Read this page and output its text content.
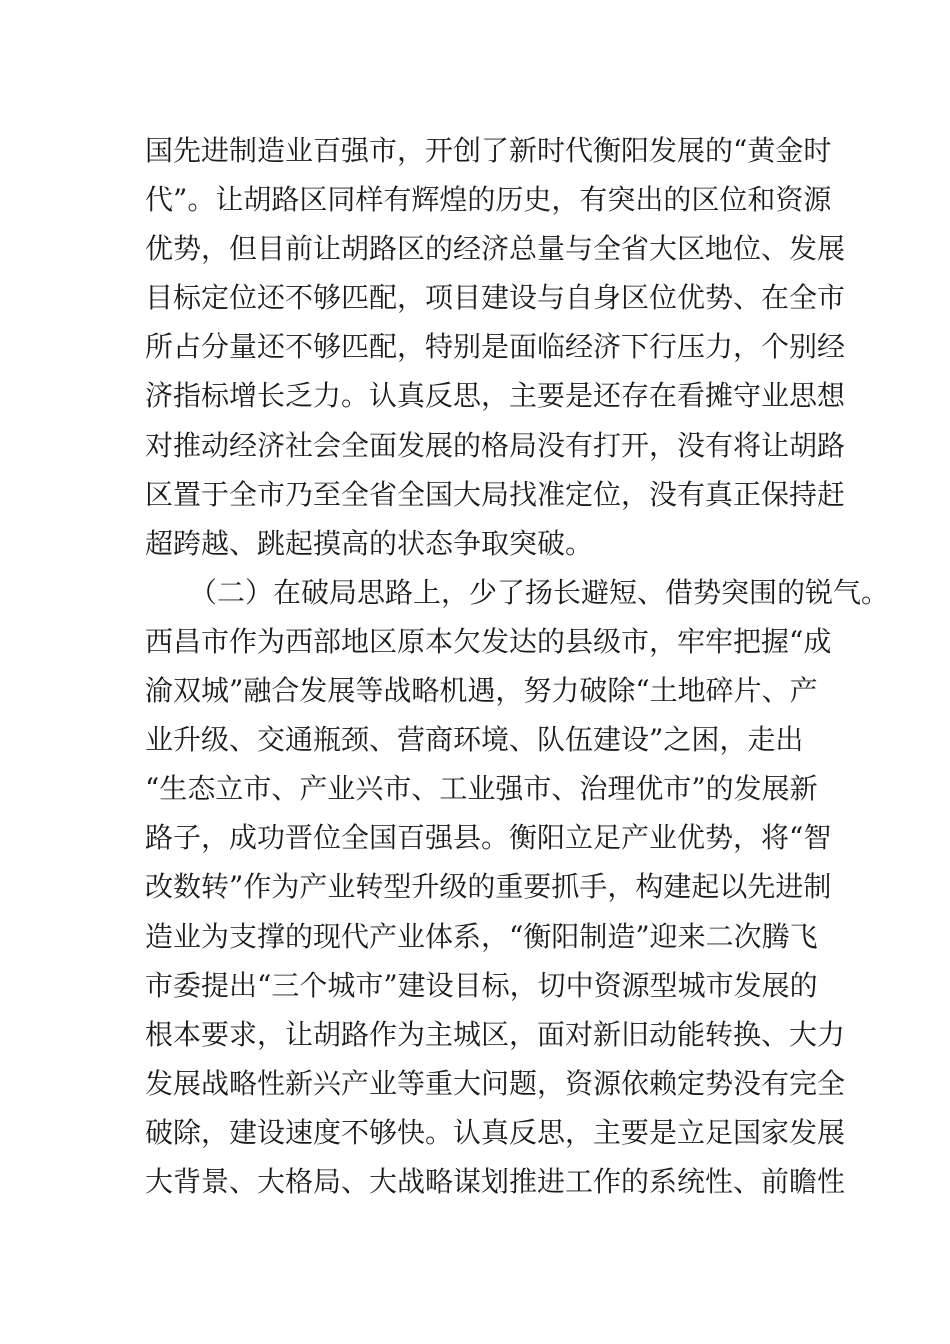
国先进制造业百强市，开创了新时代衡阳发展的“黄金时
代”。让胡路区同样有辉煌的历史，有突出的区位和资源
优势，但目前让胡路区的经济总量与全省大区地位、发展
目标定位还不够匹配，项目建设与自身区位优势、在全市
所占分量还不够匹配，特别是面临经济下行压力，个别经
济指标增长乏力。认真反思，主要是还存在看摊守业思想
对推动经济社会全面发展的格局没有打开，没有将让胡路
区置于全市乃至全省全国大局找准定位，没有真正保持赶
超跨越、跳起摸高的状态争取突破。
（二）在破局思路上，少了扬长避短、借势突围的锐气。
西昌市作为西部地区原本欠发达的县级市，牢牢把握“成
渝双城”融合发展等战略机遇，努力破除“土地碎片、产
业升级、交通瓶颈、营商环境、队伍建设”之困，走出
“生态立市、产业兴市、工业强市、治理优市”的发展新
路子，成功晋位全国百强县。衡阳立足产业优势，将“智
改数转”作为产业转型升级的重要抓手，构建起以先进制
造业为支撑的现代产业体系，“衡阳制造”迎来二次腾飞
市委提出“三个城市”建设目标，切中资源型城市发展的
根本要求，让胡路作为主城区，面对新旧动能转换、大力
发展战略性新兴产业等重大问题，资源依赖定势没有完全
破除，建设速度不够快。认真反思，主要是立足国家发展
大背景、大格局、大战略谋划推进工作的系统性、前瞻性
